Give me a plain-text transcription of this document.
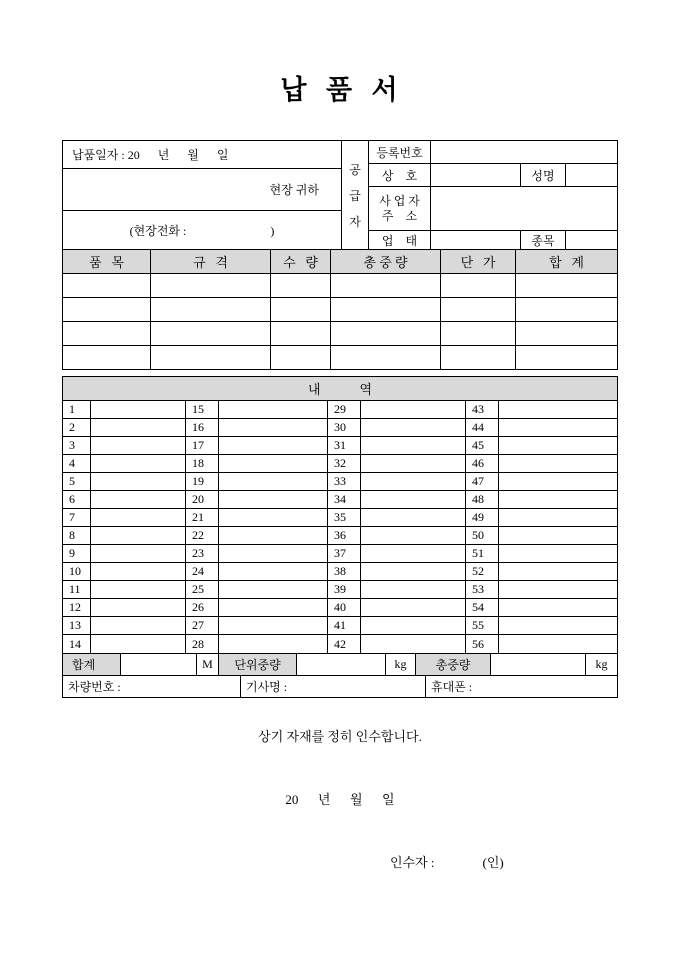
납  품  서
납품일자 : 20      년      월      일
현장 귀하
(현장전화 :                            )
공
급
자
등록번호
상    호	성명
사 업 자
주    소
업    태	종목
품   목	규   격	수   량	총 중 량	단   가	합   계
내            역
1	15	29	43
2	16	30	44
3	17	31	45
4	18	32	46
5	19	33	47
6	20	34	48
7	21	35	49
8	22	36	50
9	23	37	51
10	24	38	52
11	25	39	53
12	26	40	54
13	27	41	55
14	28	42	56
합계	M	단위중량	kg	총중량	kg
차량번호 :	기사명 :	휴대폰 :
상기 자재를 정히 인수합니다.
20      년      월      일
인수자 :	(인)
